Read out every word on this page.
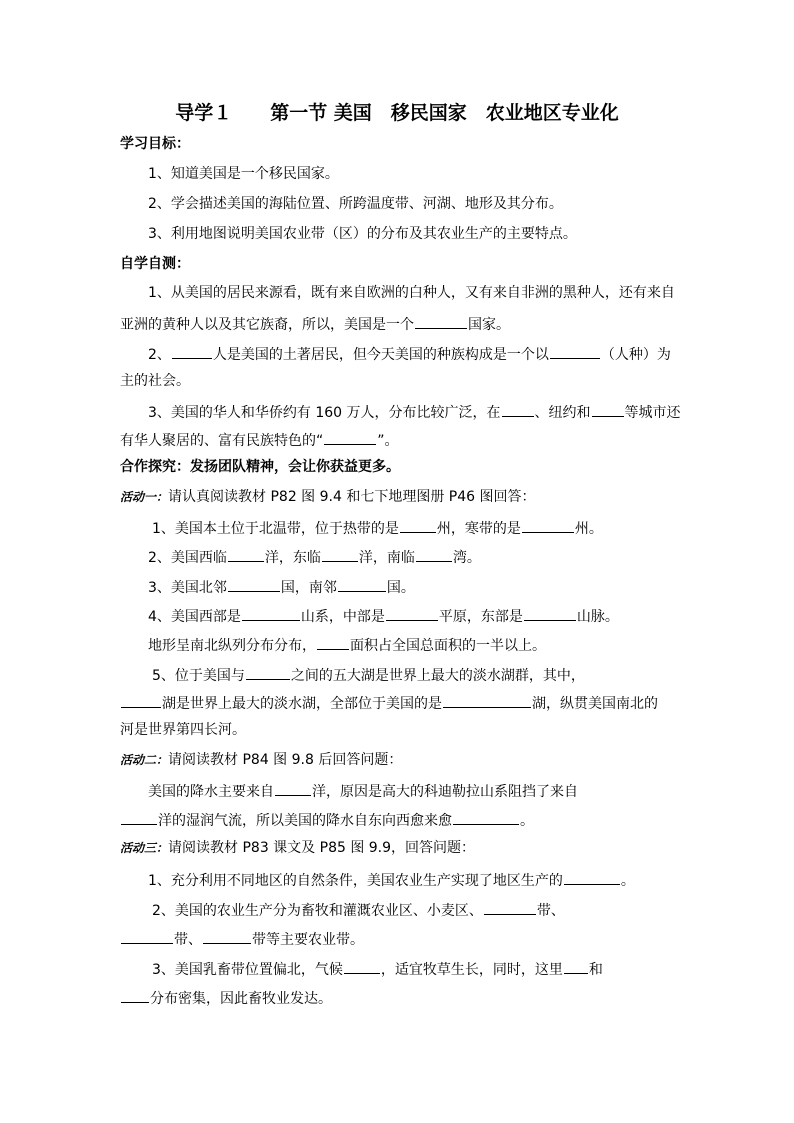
导学１　　第一节 美国　移民国家　农业地区专业化
学习目标：
1、知道美国是一个移民国家。
2、学会描述美国的海陆位置、所跨温度带、河湖、地形及其分布。
3、利用地图说明美国农业带（区）的分布及其农业生产的主要特点。
自学自测：
1、从美国的居民来源看，既有来自欧洲的白种人，又有来自非洲的黑种人，还有来自
亚洲的黄种人以及其它族裔，所以，美国是一个	国家。
2、	人是美国的土著居民，但今天美国的种族构成是一个以	（人种）为
主的社会。
3、美国的华人和华侨约有 160 万人，分布比较广泛，在 、纽约和 等城市还
有华人聚居的、富有民族特色的“	”。
合作探究：发扬团队精神，会让你获益更多。
活动一：请认真阅读教材 P82 图 9.4 和七下地理图册 P46 图回答：
1、美国本土位于北温带，位于热带的是	州，寒带的是	州。
2、美国西临	洋，东临	洋，南临	湾。
3、美国北邻	国，南邻	国。
4、美国西部是	山系，中部是	平原，东部是	山脉。
地形呈南北纵列分布分布， 面积占全国总面积的一半以上。
5、位于美国与	之间的五大湖是世界上最大的淡水湖群，其中，
湖是世界上最大的淡水湖，全部位于美国的是	湖，纵贯美国南北的
河是世界第四长河。
活动二：请阅读教材 P84 图 9.8 后回答问题：
美国的降水主要来自	洋，原因是高大的科迪勒拉山系阻挡了来自
洋的湿润气流，所以美国的降水自东向西愈来愈	。
活动三：请阅读教材 P83 课文及 P85 图 9.9，回答问题：
1、充分利用不同地区的自然条件，美国农业生产实现了地区生产的	。
2、美国的农业生产分为畜牧和灌溉农业区、小麦区、	带、
带、	带等主要农业带。
3、美国乳畜带位置偏北，气候	，适宜牧草生长，同时，这里 和
分布密集，因此畜牧业发达。
